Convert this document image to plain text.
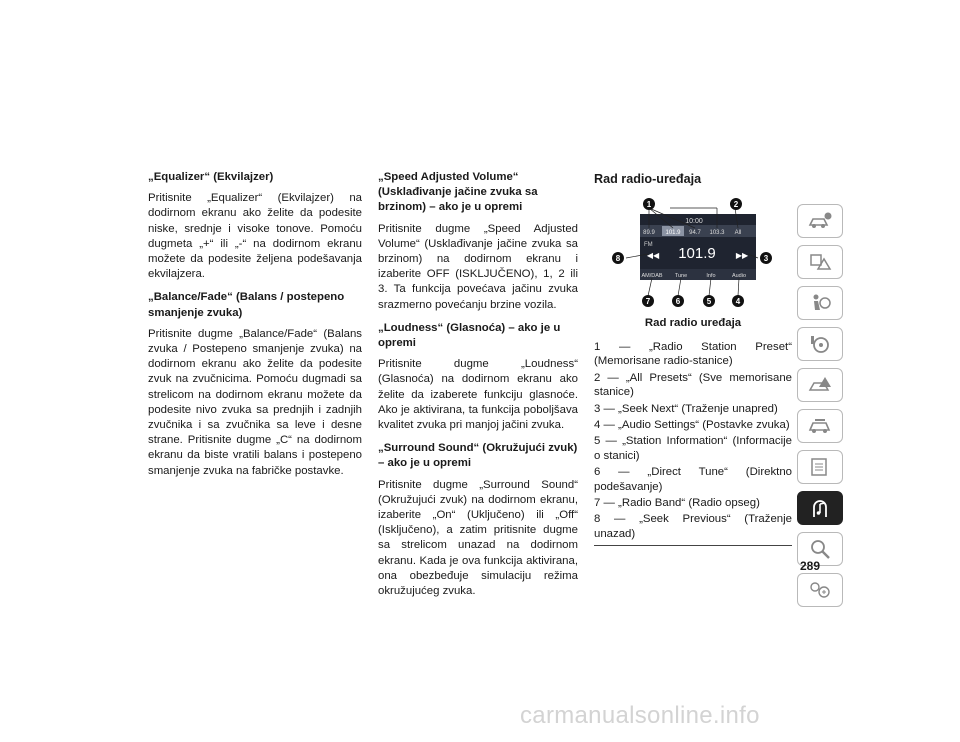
„Equalizer“ (Ekvilajzer)
Pritisnite „Equalizer“ (Ekvilajzer) na dodirnom ekranu ako želite da podesite niske, srednje i visoke tonove. Pomoću dugmeta „+“ ili „-“ na dodirnom ekranu možete da podesite željena podešavanja ekvilajzera.
„Balance/Fade“ (Balans / postepeno smanjenje zvuka)
Pritisnite dugme „Balance/Fade“ (Balans zvuka / Postepeno smanjenje zvuka) na dodirnom ekranu ako želite da podesite zvuk na zvučnicima. Pomoću dugmadi sa strelicom na dodirnom ekranu možete da podesite nivo zvuka sa prednjih i zadnjih zvučnika i sa zvučnika sa leve i desne strane. Pritisnite dugme „C“ na dodirnom ekranu da biste vratili balans i postepeno smanjenje zvuka na fabričke postavke.
„Speed Adjusted Volume“ (Usklađivanje jačine zvuka sa brzinom) – ako je u opremi
Pritisnite dugme „Speed Adjusted Volume“ (Usklađivanje jačine zvuka sa brzinom) na dodirnom ekranu i izaberite OFF (ISKLJUČENO), 1, 2 ili 3. Ta funkcija povećava jačinu zvuka srazmerno povećanju brzine vozila.
„Loudness“ (Glasnoća) – ako je u opremi
Pritisnite dugme „Loudness“ (Glasnoća) na dodirnom ekranu ako želite da izaberete funkciju glasnoće. Ako je aktivirana, ta funkcija poboljšava kvalitet zvuka pri manjoj jačini zvuka.
„Surround Sound“ (Okružujući zvuk) – ako je u opremi
Pritisnite dugme „Surround Sound“ (Okružujući zvuk) na dodirnom ekranu, izaberite „On“ (Uključeno) ili „Off“ (Isključeno), a zatim pritisnite dugme sa strelicom unazad na dodirnom ekranu. Kada je ova funkcija aktivirana, ona obezbeđuje simulaciju režima okružujućeg zvuka.
Rad radio-uređaja
89.9 101.9 94.7 103.3 All
10:00
FM 101.9
◀◀	▶▶
AM/DAB Tune	Info	Audio
1	2
3
4
5
6
7
8
Rad radio uređaja
1 — „Radio Station Preset“ (Memorisane radio-stanice)
2 — „All Presets“ (Sve memorisane stanice)
3 — „Seek Next“ (Traženje unapred)
4 — „Audio Settings“ (Postavke zvuka)
5 — „Station Information“ (Informacije o stanici)
6 — „Direct Tune“ (Direktno podešavanje)
7 — „Radio Band“ (Radio opseg)
8 — „Seek Previous“ (Traženje unazad)
289
carmanualsonline.info
